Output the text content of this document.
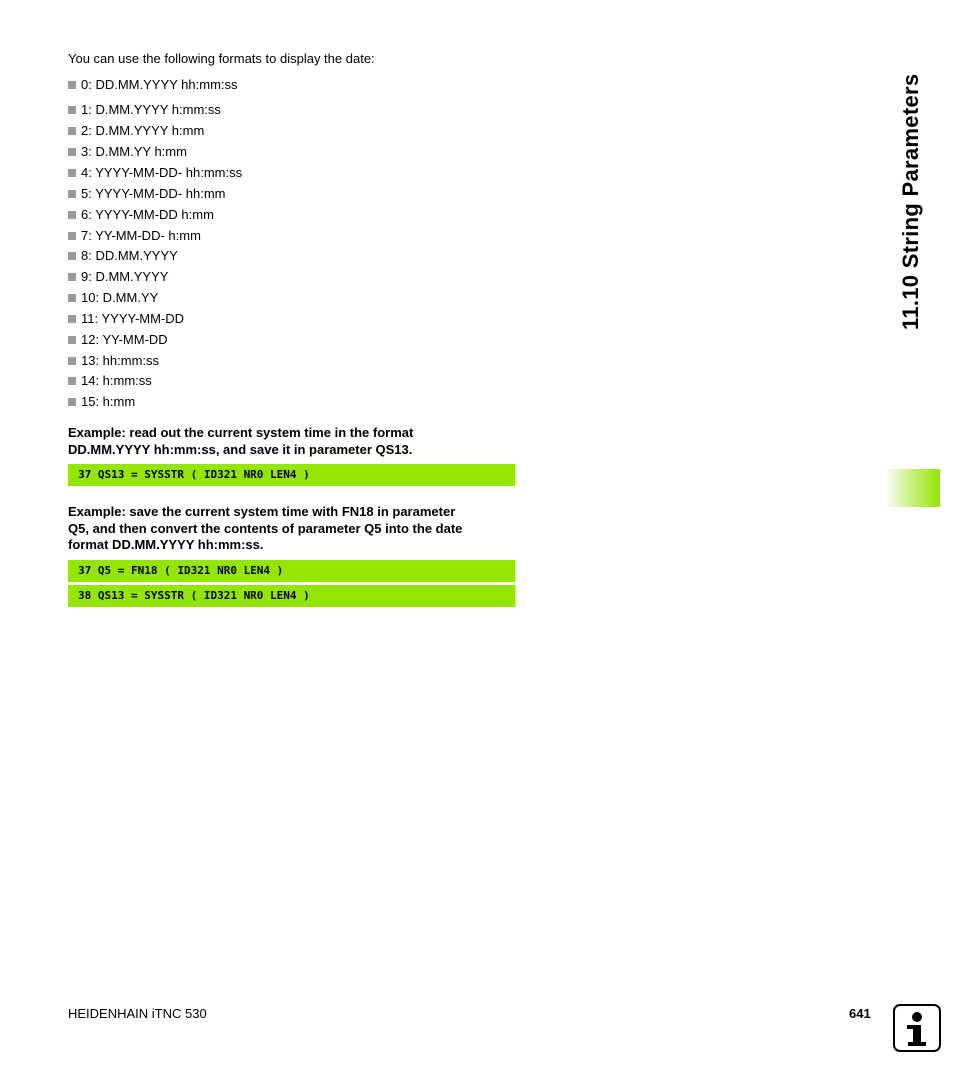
You can use the following formats to display the date:
0: DD.MM.YYYY hh:mm:ss
1: D.MM.YYYY h:mm:ss
2: D.MM.YYYY h:mm
3: D.MM.YY h:mm
4: YYYY-MM-DD- hh:mm:ss
5: YYYY-MM-DD- hh:mm
6: YYYY-MM-DD h:mm
7: YY-MM-DD- h:mm
8: DD.MM.YYYY
9: D.MM.YYYY
10: D.MM.YY
11: YYYY-MM-DD
12: YY-MM-DD
13: hh:mm:ss
14: h:mm:ss
15: h:mm
Example: read out the current system time in the format
DD.MM.YYYY hh:mm:ss, and save it in parameter QS13.
37 QS13 = SYSSTR ( ID321 NR0 LEN4 )
Example: save the current system time with FN18 in parameter
Q5, and then convert the contents of parameter Q5 into the date
format DD.MM.YYYY hh:mm:ss.
37 Q5 = FN18 ( ID321 NR0 LEN4 )
38 QS13 = SYSSTR ( ID321 NR0 LEN4 )
11.10 String Parameters
HEIDENHAIN iTNC 530	641
